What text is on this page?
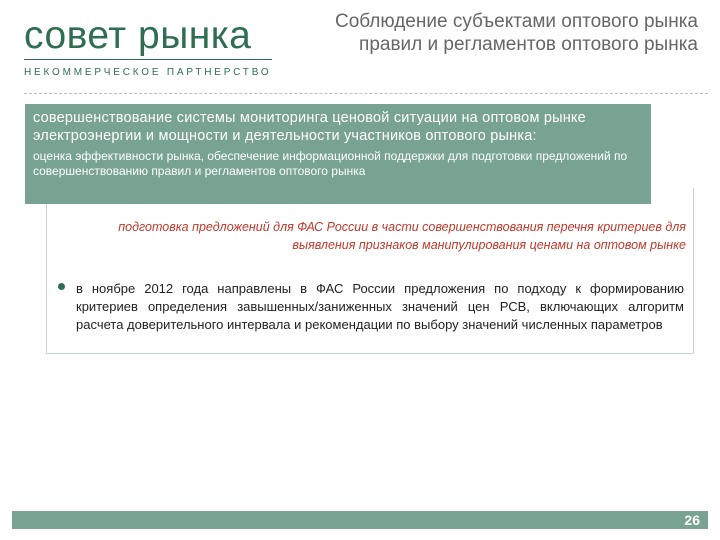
совет рынка
НЕКОММЕРЧЕСКОЕ ПАРТНЕРСТВО
Соблюдение субъектами оптового рынка правил и регламентов оптового рынка
совершенствование системы мониторинга ценовой ситуации на оптовом рынке электроэнергии и мощности и деятельности участников оптового рынка:
оценка эффективности рынка, обеспечение информационной поддержки для подготовки предложений по совершенствованию правил и регламентов оптового рынка
подготовка предложений для ФАС России в части совершенствования перечня критериев для выявления признаков манипулирования ценами на оптовом рынке
в ноябре 2012 года направлены в ФАС России предложения по подходу к формированию критериев определения завышенных/заниженных значений цен РСВ, включающих алгоритм расчета доверительного интервала и рекомендации по выбору значений численных параметров
26
